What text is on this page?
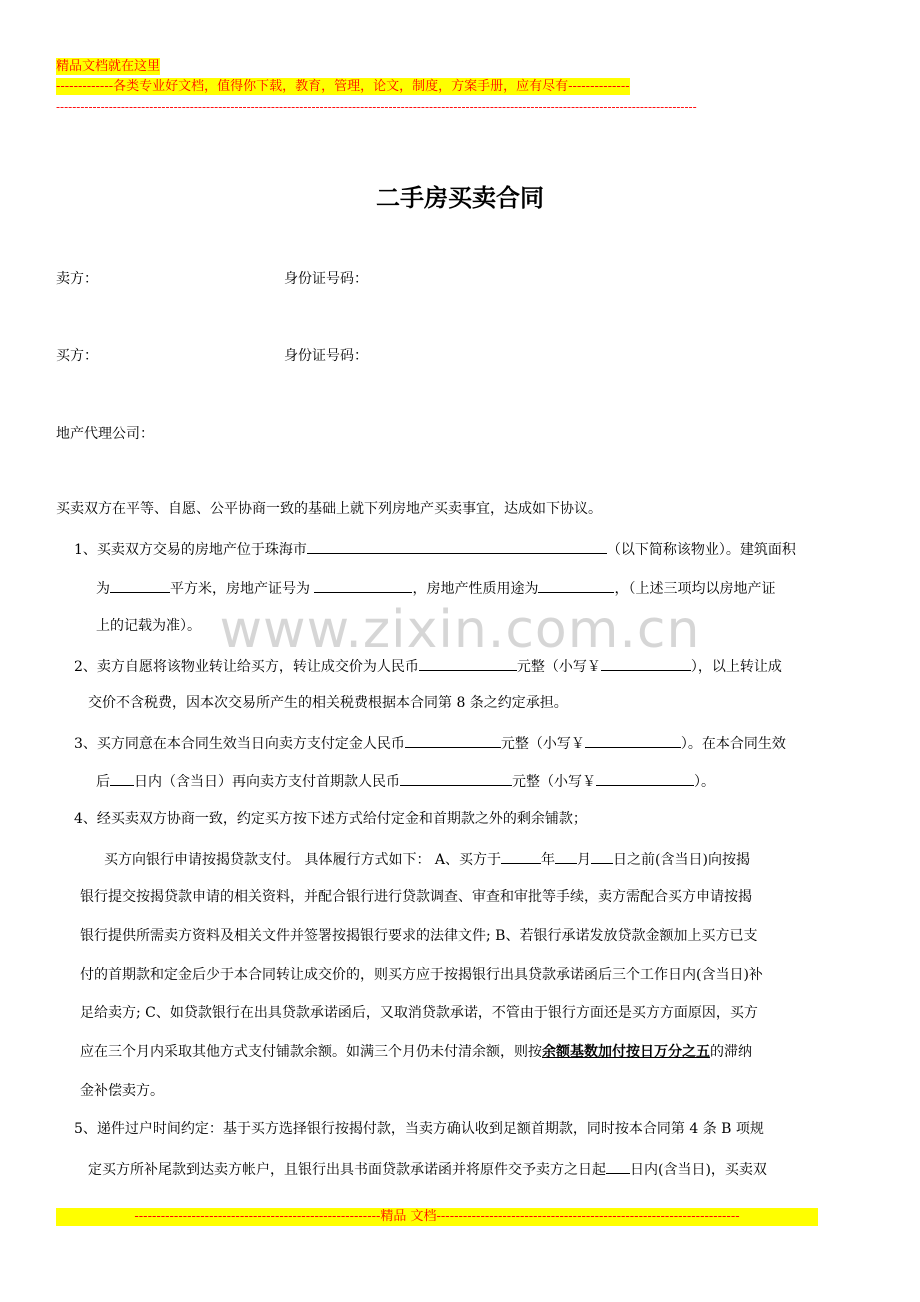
精品文档就在这里
-------------各类专业好文档，值得你下载，教育，管理，论文，制度，方案手册，应有尽有--------------
--------------------------------------------------------------------------------------------------------------------------------------------------------------
www.zixin.com.cn
二手房买卖合同
卖方：	身份证号码：
买方：	身份证号码：
地产代理公司：
买卖双方在平等、自愿、公平协商一致的基础上就下列房地产买卖事宜，达成如下协议。
1、买卖双方交易的房地产位于珠海市	（以下简称该物业）。建筑面积
为	平方米，房地产证号为	，房地产性质用途为	，（上述三项均以房地产证
上的记载为准）。
2、卖方自愿将该物业转让给买方，转让成交价为人民币	元整（小写￥	），以上转让成
交价不含税费，因本次交易所产生的相关税费根据本合同第 8 条之约定承担。
3、买方同意在本合同生效当日向卖方支付定金人民币	元整（小写￥	）。在本合同生效
后 日内（含当日）再向卖方支付首期款人民币	元整（小写￥	）。
4、经买卖双方协商一致，约定买方按下述方式给付定金和首期款之外的剩余铺款；
买方向银行申请按揭贷款支付。 具体履行方式如下： A、买方于	年 月 日之前(含当日)向按揭
银行提交按揭贷款申请的相关资料，并配合银行进行贷款调查、审查和审批等手续，卖方需配合买方申请按揭
银行提供所需卖方资料及相关文件并签署按揭银行要求的法律文件; B、若银行承诺发放贷款金额加上买方已支
付的首期款和定金后少于本合同转让成交价的，则买方应于按揭银行出具贷款承诺函后三个工作日内(含当日)补
足给卖方; C、如贷款银行在出具贷款承诺函后，又取消贷款承诺，不管由于银行方面还是买方方面原因，买方
应在三个月内采取其他方式支付铺款余额。如满三个月仍未付清余额，则按余额基数加付按日万分之五的滞纳
金补偿卖方。
5、递件过户时间约定：基于买方选择银行按揭付款，当卖方确认收到足额首期款，同时按本合同第 4 条 B 项规
定买方所补尾款到达卖方帐户，且银行出具书面贷款承诺函并将原件交予卖方之日起 日内(含当日)，买卖双
--------------------------------------------------------精品 文档---------------------------------------------------------------------
